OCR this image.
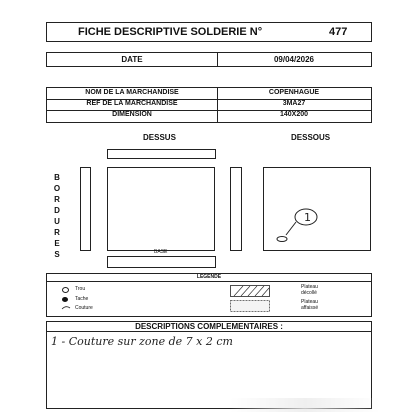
FICHE DESCRIPTIVE SOLDERIE N°	477
DATE	09/04/2026
NOM DE LA MARCHANDISE	COPENHAGUE
REF DE LA MARCHANDISE	3MA27
DIMENSION	140X200
DESSUS	DESSOUS
BORDURES	BASE
1
LEGENDE
Trou
Tache
Couture
Plateau décollé
Plateau affaissé
DESCRIPTIONS COMPLEMENTAIRES :
1 - Couture sur zone de 7 x 2 cm
